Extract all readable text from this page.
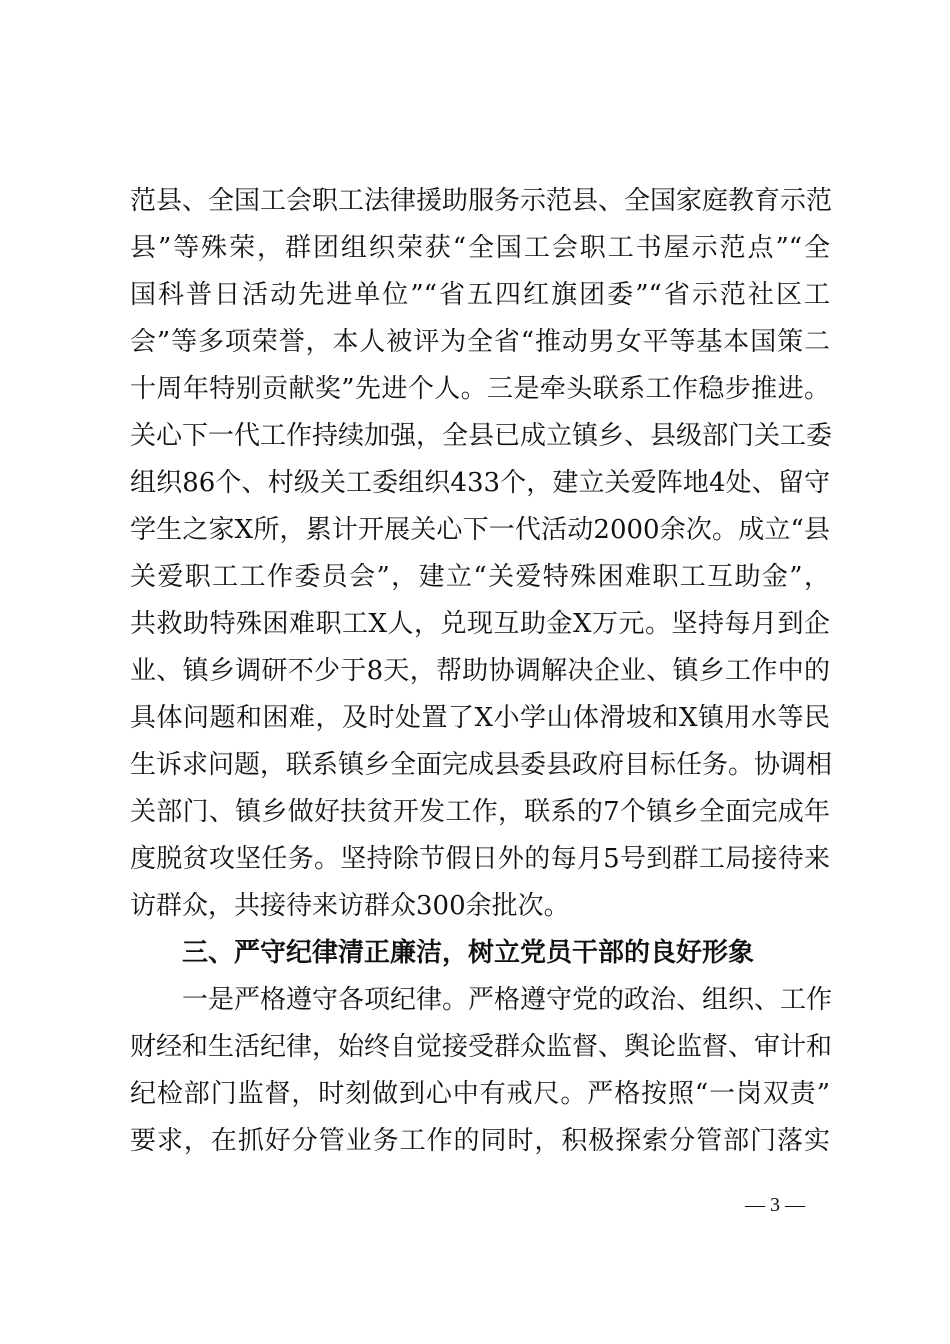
范县、全国工会职工法律援助服务示范县、全国家庭教育示范
县”等殊荣，群团组织荣获“全国工会职工书屋示范点”“全
国科普日活动先进单位”“省五四红旗团委”“省示范社区工
会”等多项荣誉，本人被评为全省“推动男女平等基本国策二
十周年特别贡献奖”先进个人。三是牵头联系工作稳步推进。
关心下一代工作持续加强，全县已成立镇乡、县级部门关工委
组织86个、村级关工委组织433个，建立关爱阵地4处、留守
学生之家X所，累计开展关心下一代活动2000余次。成立“县
关爱职工工作委员会”，建立“关爱特殊困难职工互助金”，
共救助特殊困难职工X人，兑现互助金X万元。坚持每月到企
业、镇乡调研不少于8天，帮助协调解决企业、镇乡工作中的
具体问题和困难，及时处置了X小学山体滑坡和X镇用水等民
生诉求问题，联系镇乡全面完成县委县政府目标任务。协调相
关部门、镇乡做好扶贫开发工作，联系的7个镇乡全面完成年
度脱贫攻坚任务。坚持除节假日外的每月5号到群工局接待来
访群众，共接待来访群众300余批次。
三、严守纪律清正廉洁，树立党员干部的良好形象
一是严格遵守各项纪律。严格遵守党的政治、组织、工作
财经和生活纪律，始终自觉接受群众监督、舆论监督、审计和
纪检部门监督，时刻做到心中有戒尺。严格按照“一岗双责”
要求，在抓好分管业务工作的同时，积极探索分管部门落实
— 3 —
